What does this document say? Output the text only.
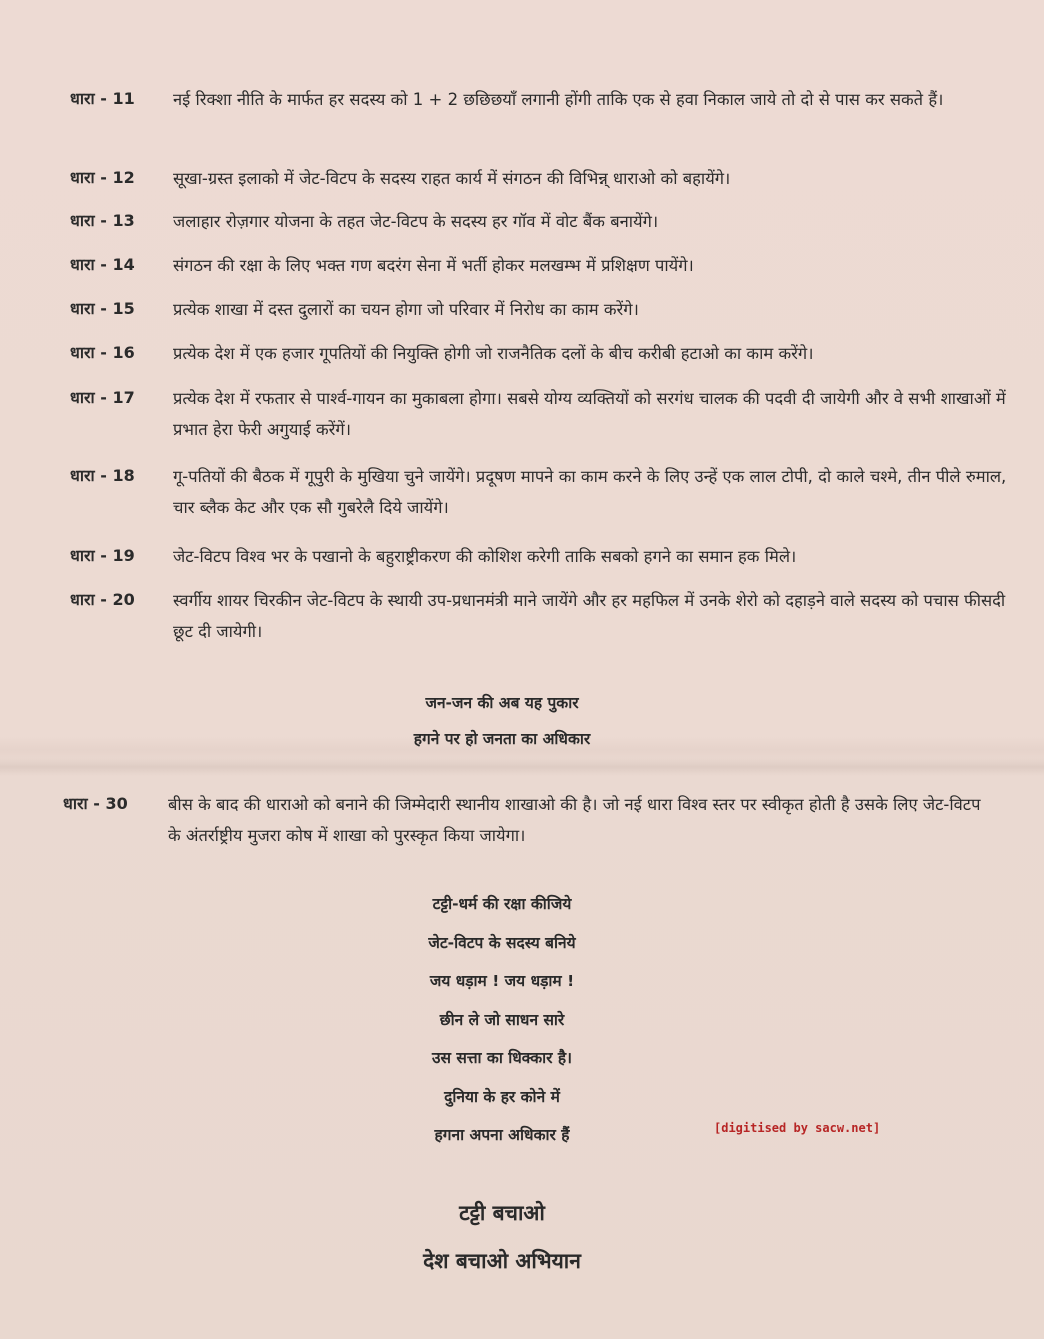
धारा - 11	नई रिक्शा नीति के मार्फत हर सदस्य को 1 + 2 छछिछयाँ लगानी होंगी ताकि एक से हवा निकाल जाये तो दो से पास कर सकते हैं।
धारा - 12	सूखा-ग्रस्त इलाको में जेट-विटप के सदस्य राहत कार्य में संगठन की विभिन्न् धाराओ को बहायेंगे।
धारा - 13	जलाहार रोज़गार योजना के तहत जेट-विटप के सदस्य हर गॉव में वोट बैंक बनायेंगे।
धारा - 14	संगठन की रक्षा के लिए भक्त गण बदरंग सेना में भर्ती होकर मलखम्भ में प्रशिक्षण पायेंगे।
धारा - 15	प्रत्येक शाखा में दस्त दुलारों का चयन होगा जो परिवार में निरोध का काम करेंगे।
धारा - 16	प्रत्येक देश में एक हजार गूपतियों की नियुक्ति होगी जो राजनैतिक दलों के बीच करीबी हटाओ का काम करेंगे।
धारा - 17	प्रत्येक देश में रफतार से पार्श्व-गायन का मुकाबला होगा। सबसे योग्य व्यक्तियों को सरगंध चालक की पदवी दी जायेगी और वे सभी शाखाओं में प्रभात हेरा फेरी अगुयाई करेंगें।
धारा - 18	गू-पतियों की बैठक में गूपुरी के मुखिया चुने जायेंगे। प्रदूषण मापने का काम करने के लिए उन्हें एक लाल टोपी, दो काले चश्मे, तीन पीले रुमाल, चार ब्लैक केट और एक सौ गुबरेलै दिये जायेंगे।
धारा - 19	जेट-विटप विश्व भर के पखानो के बहुराष्ट्रीकरण की कोशिश करेगी ताकि सबको हगने का समान हक मिले।
धारा - 20	स्वर्गीय शायर चिरकीन जेट-विटप के स्थायी उप-प्रधानमंत्री माने जायेंगे और हर महफिल में उनके शेरो को दहाड़ने वाले सदस्य को पचास फीसदी छूट दी जायेगी।
जन-जन की अब यह पुकार
हगने पर हो जनता का अधिकार
धारा - 30	बीस के बाद की धाराओ को बनाने की जिम्मेदारी स्थानीय शाखाओ की है। जो नई धारा विश्व स्तर पर स्वीकृत होती है उसके लिए जेट-विटप के अंतर्राष्ट्रीय मुजरा कोष में शाखा को पुरस्कृत किया जायेगा।
टट्टी-धर्म की रक्षा कीजिये
जेट-विटप के सदस्य बनिये
जय धड़ाम ! जय धड़ाम !
छीन ले जो साधन सारे
उस सत्ता का धिक्कार है।
दुनिया के हर कोने में
हगना अपना अधिकार हैं	[digitised by sacw.net]
टट्टी बचाओ
देश बचाओ अभियान
